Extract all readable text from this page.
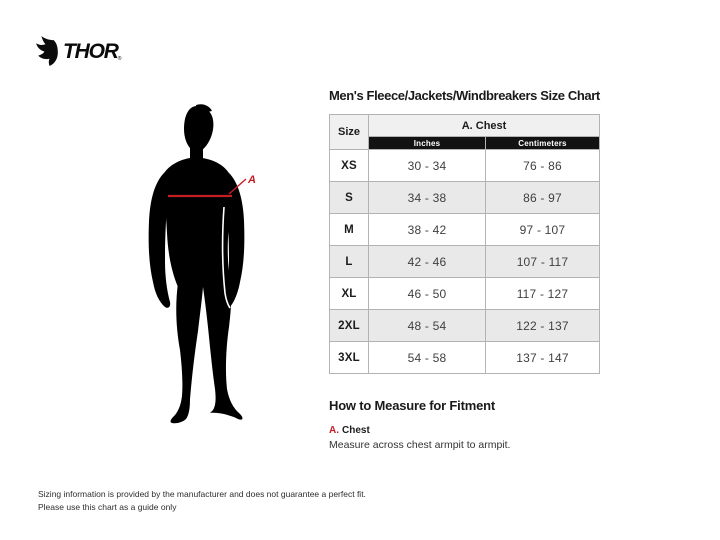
THOR®
A
Men's Fleece/Jackets/Windbreakers Size Chart
Size	A. Chest	
	Inches	Centimeters
XS	30 - 34	76 - 86
S	34 - 38	86 - 97
M	38 - 42	97 - 107
L	42 - 46	107 - 117
XL	46 - 50	117 - 127
2XL	48 - 54	122 - 137
3XL	54 - 58	137 - 147
How to Measure for Fitment
A. Chest
Measure across chest armpit to armpit.
Sizing information is provided by the manufacturer and does not guarantee a perfect fit.
Please use this chart as a guide only
